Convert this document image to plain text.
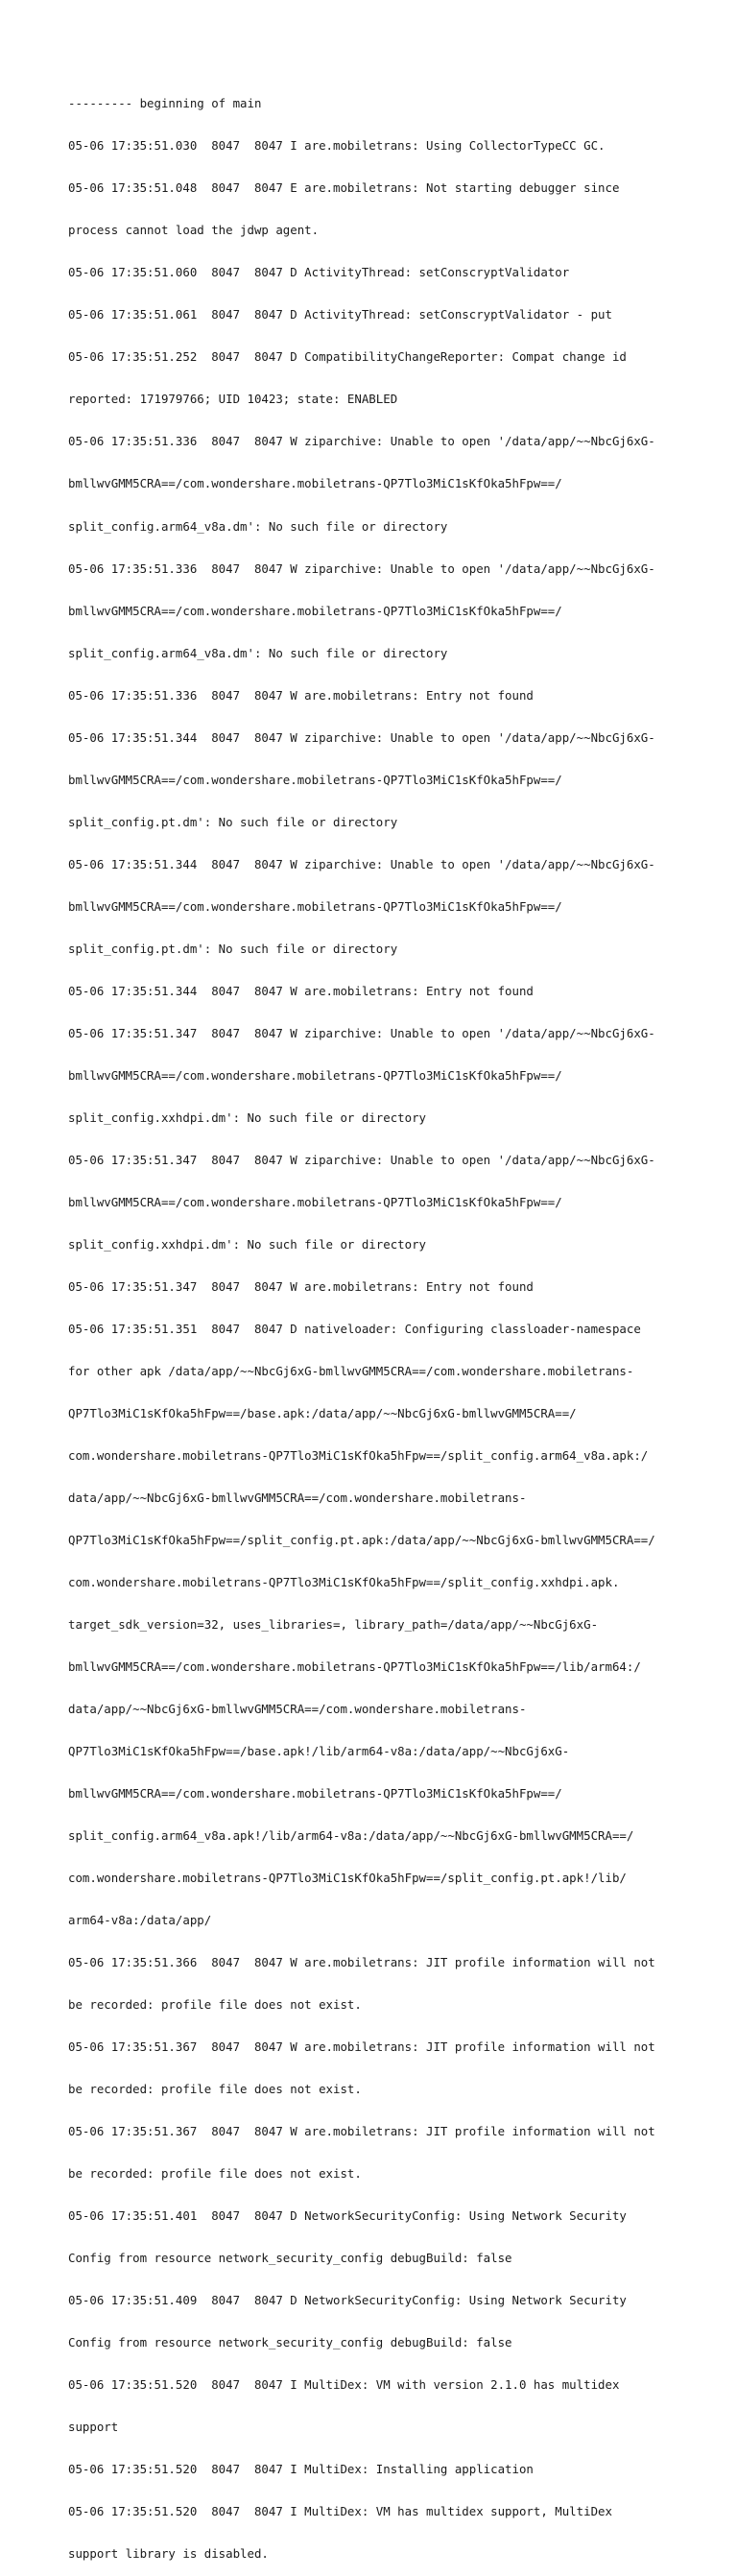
--------- beginning of main

05-06 17:35:51.030  8047  8047 I are.mobiletrans: Using CollectorTypeCC GC.

05-06 17:35:51.048  8047  8047 E are.mobiletrans: Not starting debugger since

process cannot load the jdwp agent.

05-06 17:35:51.060  8047  8047 D ActivityThread: setConscryptValidator

05-06 17:35:51.061  8047  8047 D ActivityThread: setConscryptValidator - put

05-06 17:35:51.252  8047  8047 D CompatibilityChangeReporter: Compat change id

reported: 171979766; UID 10423; state: ENABLED

05-06 17:35:51.336  8047  8047 W ziparchive: Unable to open '/data/app/~~NbcGj6xG-

bmllwvGMM5CRA==/com.wondershare.mobiletrans-QP7Tlo3MiC1sKfOka5hFpw==/

split_config.arm64_v8a.dm': No such file or directory

05-06 17:35:51.336  8047  8047 W ziparchive: Unable to open '/data/app/~~NbcGj6xG-

bmllwvGMM5CRA==/com.wondershare.mobiletrans-QP7Tlo3MiC1sKfOka5hFpw==/

split_config.arm64_v8a.dm': No such file or directory

05-06 17:35:51.336  8047  8047 W are.mobiletrans: Entry not found

05-06 17:35:51.344  8047  8047 W ziparchive: Unable to open '/data/app/~~NbcGj6xG-

bmllwvGMM5CRA==/com.wondershare.mobiletrans-QP7Tlo3MiC1sKfOka5hFpw==/

split_config.pt.dm': No such file or directory

05-06 17:35:51.344  8047  8047 W ziparchive: Unable to open '/data/app/~~NbcGj6xG-

bmllwvGMM5CRA==/com.wondershare.mobiletrans-QP7Tlo3MiC1sKfOka5hFpw==/

split_config.pt.dm': No such file or directory

05-06 17:35:51.344  8047  8047 W are.mobiletrans: Entry not found

05-06 17:35:51.347  8047  8047 W ziparchive: Unable to open '/data/app/~~NbcGj6xG-

bmllwvGMM5CRA==/com.wondershare.mobiletrans-QP7Tlo3MiC1sKfOka5hFpw==/

split_config.xxhdpi.dm': No such file or directory

05-06 17:35:51.347  8047  8047 W ziparchive: Unable to open '/data/app/~~NbcGj6xG-

bmllwvGMM5CRA==/com.wondershare.mobiletrans-QP7Tlo3MiC1sKfOka5hFpw==/

split_config.xxhdpi.dm': No such file or directory

05-06 17:35:51.347  8047  8047 W are.mobiletrans: Entry not found

05-06 17:35:51.351  8047  8047 D nativeloader: Configuring classloader-namespace

for other apk /data/app/~~NbcGj6xG-bmllwvGMM5CRA==/com.wondershare.mobiletrans-

QP7Tlo3MiC1sKfOka5hFpw==/base.apk:/data/app/~~NbcGj6xG-bmllwvGMM5CRA==/

com.wondershare.mobiletrans-QP7Tlo3MiC1sKfOka5hFpw==/split_config.arm64_v8a.apk:/

data/app/~~NbcGj6xG-bmllwvGMM5CRA==/com.wondershare.mobiletrans-

QP7Tlo3MiC1sKfOka5hFpw==/split_config.pt.apk:/data/app/~~NbcGj6xG-bmllwvGMM5CRA==/

com.wondershare.mobiletrans-QP7Tlo3MiC1sKfOka5hFpw==/split_config.xxhdpi.apk.

target_sdk_version=32, uses_libraries=, library_path=/data/app/~~NbcGj6xG-

bmllwvGMM5CRA==/com.wondershare.mobiletrans-QP7Tlo3MiC1sKfOka5hFpw==/lib/arm64:/

data/app/~~NbcGj6xG-bmllwvGMM5CRA==/com.wondershare.mobiletrans-

QP7Tlo3MiC1sKfOka5hFpw==/base.apk!/lib/arm64-v8a:/data/app/~~NbcGj6xG-

bmllwvGMM5CRA==/com.wondershare.mobiletrans-QP7Tlo3MiC1sKfOka5hFpw==/

split_config.arm64_v8a.apk!/lib/arm64-v8a:/data/app/~~NbcGj6xG-bmllwvGMM5CRA==/

com.wondershare.mobiletrans-QP7Tlo3MiC1sKfOka5hFpw==/split_config.pt.apk!/lib/

arm64-v8a:/data/app/

05-06 17:35:51.366  8047  8047 W are.mobiletrans: JIT profile information will not

be recorded: profile file does not exist.

05-06 17:35:51.367  8047  8047 W are.mobiletrans: JIT profile information will not

be recorded: profile file does not exist.

05-06 17:35:51.367  8047  8047 W are.mobiletrans: JIT profile information will not

be recorded: profile file does not exist.

05-06 17:35:51.401  8047  8047 D NetworkSecurityConfig: Using Network Security

Config from resource network_security_config debugBuild: false

05-06 17:35:51.409  8047  8047 D NetworkSecurityConfig: Using Network Security

Config from resource network_security_config debugBuild: false

05-06 17:35:51.520  8047  8047 I MultiDex: VM with version 2.1.0 has multidex

support

05-06 17:35:51.520  8047  8047 I MultiDex: Installing application

05-06 17:35:51.520  8047  8047 I MultiDex: VM has multidex support, MultiDex

support library is disabled.
